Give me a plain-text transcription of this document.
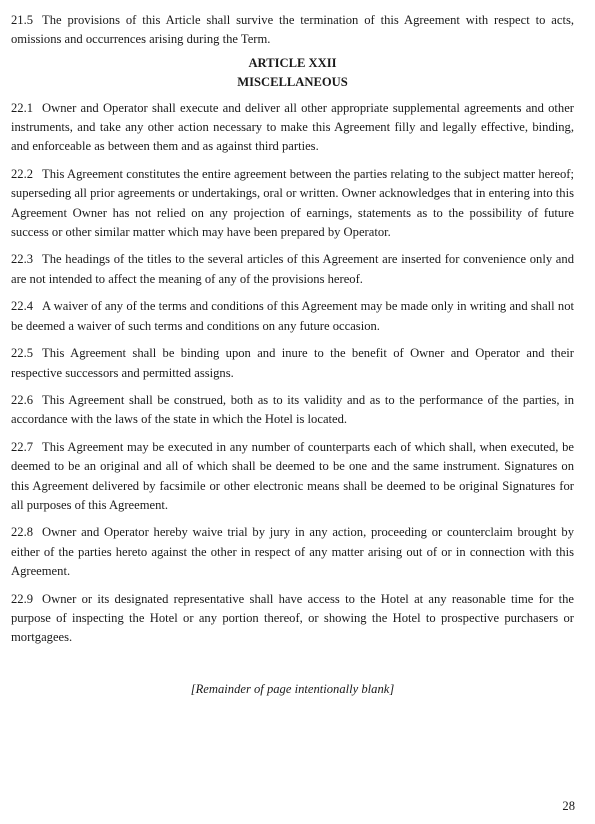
21.5 The provisions of this Article shall survive the termination of this Agreement with respect to acts, omissions and occurrences arising during the Term.

ARTICLE XXII

MISCELLANEOUS

22.1 Owner and Operator shall execute and deliver all other appropriate supplemental agreements and other instruments, and take any other action necessary to make this Agreement filly and legally effective, binding, and enforceable as between them and as against third parties.

22.2 This Agreement constitutes the entire agreement between the parties relating to the subject matter hereof; superseding all prior agreements or undertakings, oral or written. Owner acknowledges that in entering into this Agreement Owner has not relied on any projection of earnings, statements as to the possibility of future success or other similar matter which may have been prepared by Operator.

22.3 The headings of the titles to the several articles of this Agreement are inserted for convenience only and are not intended to affect the meaning of any of the provisions hereof.

22.4 A waiver of any of the terms and conditions of this Agreement may be made only in writing and shall not be deemed a waiver of such terms and conditions on any future occasion.

22.5 This Agreement shall be binding upon and inure to the benefit of Owner and Operator and their respective successors and permitted assigns.

22.6 This Agreement shall be construed, both as to its validity and as to the performance of the parties, in accordance with the laws of the state in which the Hotel is located.

22.7 This Agreement may be executed in any number of counterparts each of which shall, when executed, be deemed to be an original and all of which shall be deemed to be one and the same instrument. Signatures on this Agreement delivered by facsimile or other electronic means shall be deemed to be original Signatures for all purposes of this Agreement.

22.8 Owner and Operator hereby waive trial by jury in any action, proceeding or counterclaim brought by either of the parties hereto against the other in respect of any matter arising out of or in connection with this Agreement.

22.9 Owner or its designated representative shall have access to the Hotel at any reasonable time for the purpose of inspecting the Hotel or any portion thereof, or showing the Hotel to prospective purchasers or mortgagees.

[Remainder of page intentionally blank]

28
